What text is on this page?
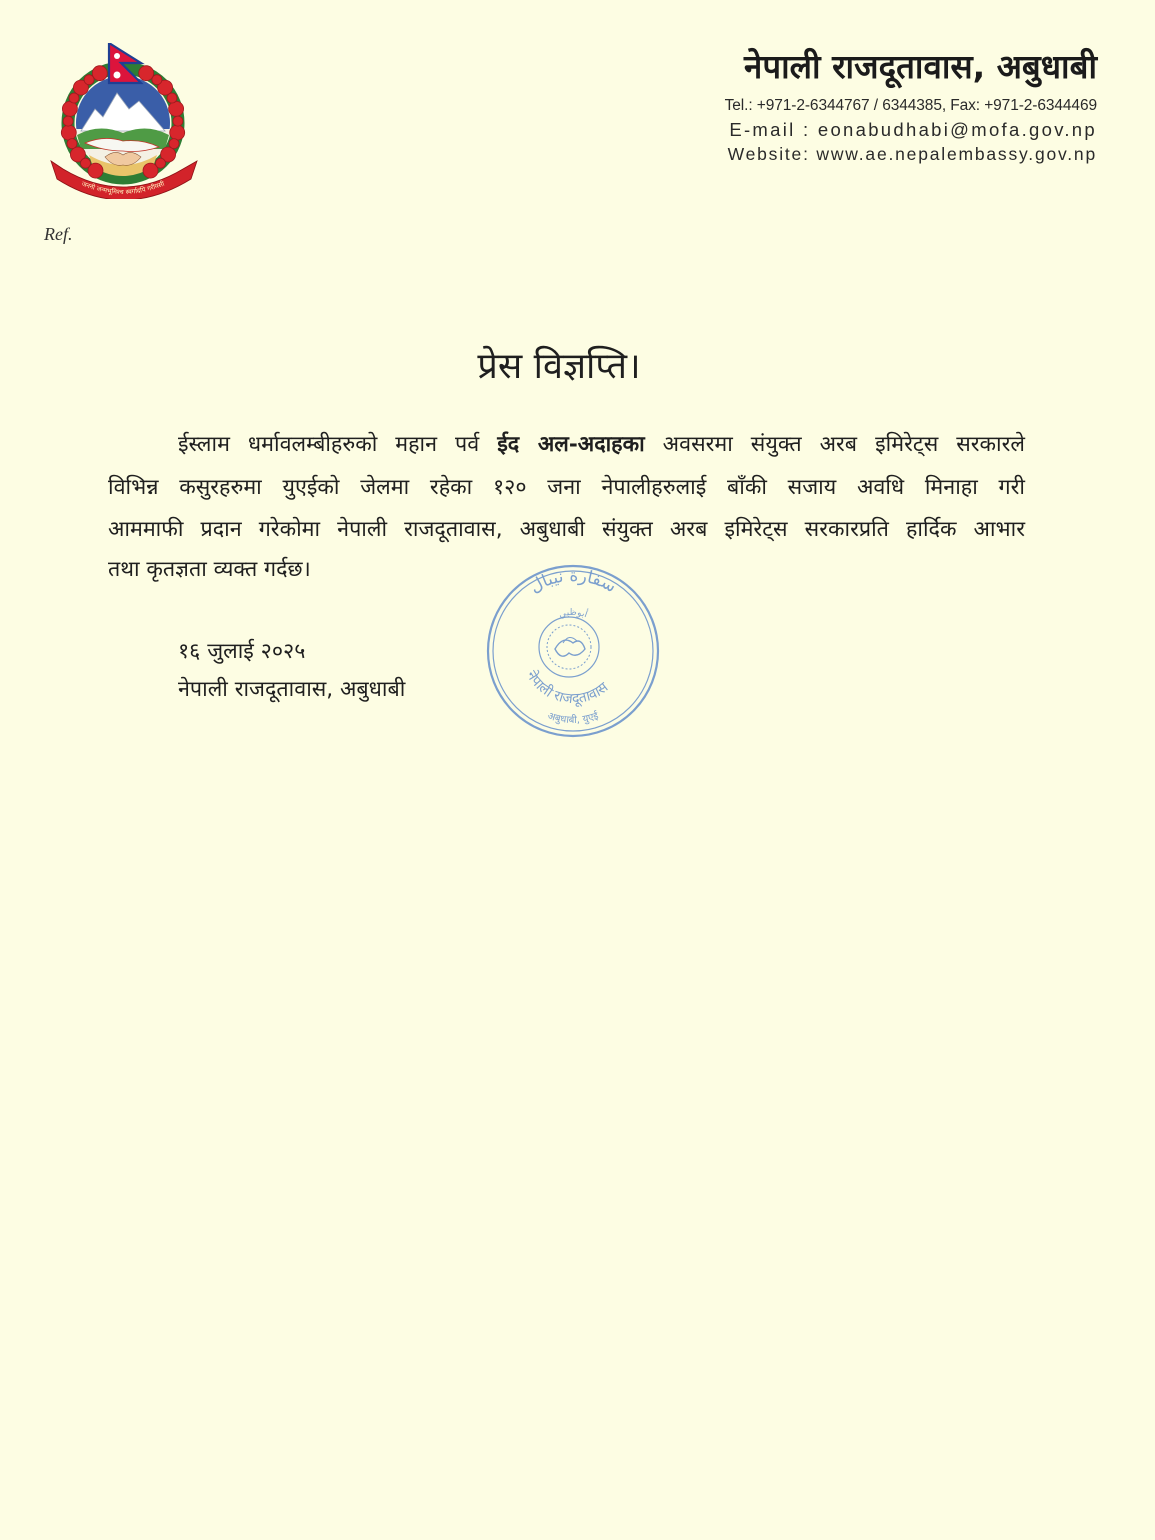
जननी जन्मभूमिश्च स्वर्गादपि गरीयसी
नेपाली राजदूतावास, अबुधाबी
Tel.: +971-2-6344767 / 6344385, Fax: +971-2-6344469
E-mail : eonabudhabi@mofa.gov.np
Website: www.ae.nepalembassy.gov.np
Ref.
प्रेस विज्ञप्ति।
ईस्लाम धर्मावलम्बीहरुको महान पर्व ईद अल-अदाहका अवसरमा संयुक्त अरब इमिरेट्स सरकारले
विभिन्न कसुरहरुमा युएईको जेलमा रहेका १२० जना नेपालीहरुलाई बाँकी सजाय अवधि मिनाहा गरी
आममाफी प्रदान गरेकोमा नेपाली राजदूतावास, अबुधाबी संयुक्त अरब इमिरेट्स सरकारप्रति हार्दिक आभार
तथा कृतज्ञता व्यक्त गर्दछ।
१६ जुलाई २०२५
नेपाली राजदूतावास, अबुधाबी
سفارة نيبال
أبوظبي
नेपाली राजदूतावास
अबुधाबी, युएई
